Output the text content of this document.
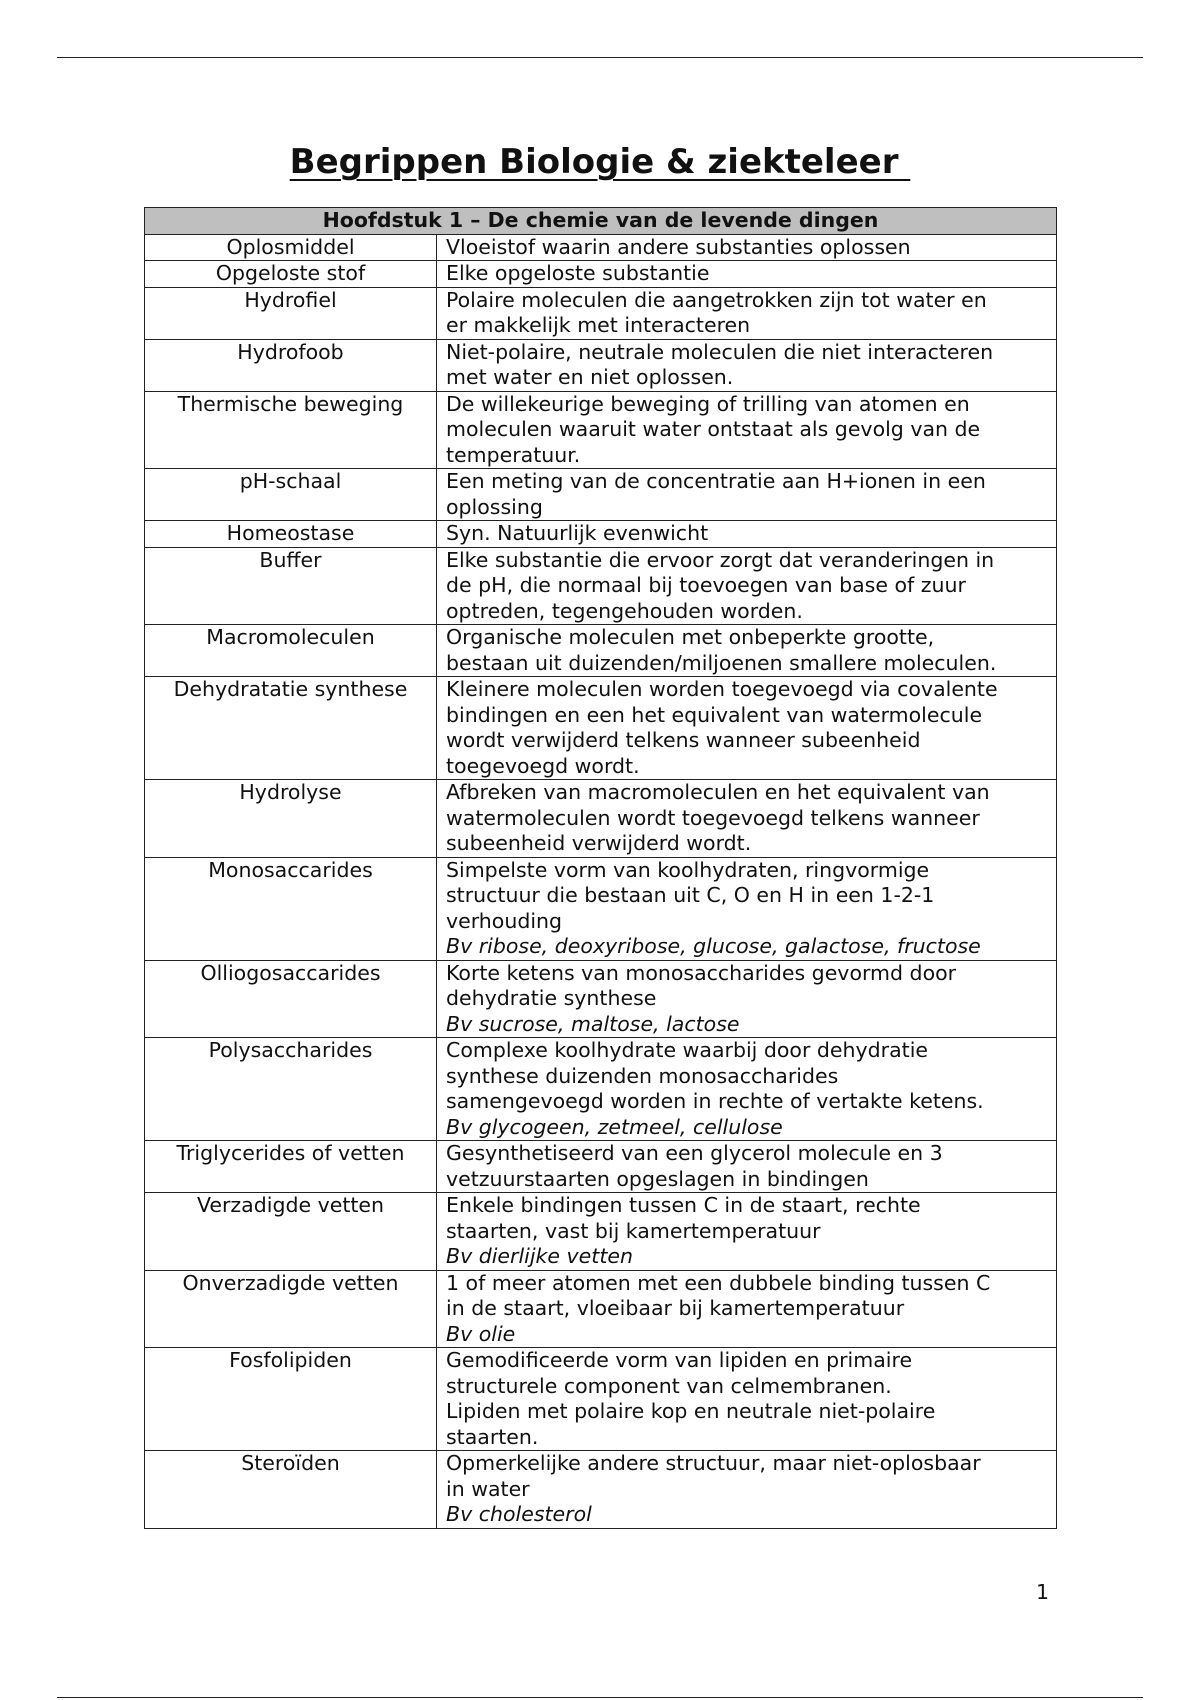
Begrippen Biologie & ziekteleer
Hoofdstuk 1 – De chemie van de levende dingen	
Oplosmiddel	Vloeistof waarin andere substanties oplossen

Opgeloste stof	Elke opgeloste substantie

Hydrofiel	Polaire moleculen die aangetrokken zijn tot water en
er makkelijk met interacteren

Hydrofoob	Niet-polaire, neutrale moleculen die niet interacteren
met water en niet oplossen.

Thermische beweging	De willekeurige beweging of trilling van atomen en
moleculen waaruit water ontstaat als gevolg van de
temperatuur.

pH-schaal	Een meting van de concentratie aan H+ionen in een
oplossing

Homeostase	Syn. Natuurlijk evenwicht

Buffer	Elke substantie die ervoor zorgt dat veranderingen in
de pH, die normaal bij toevoegen van base of zuur
optreden, tegengehouden worden.

Macromoleculen	Organische moleculen met onbeperkte grootte,
bestaan uit duizenden/miljoenen smallere moleculen.

Dehydratatie synthese	Kleinere moleculen worden toegevoegd via covalente
bindingen en een het equivalent van watermolecule
wordt verwijderd telkens wanneer subeenheid
toegevoegd wordt.

Hydrolyse	Afbreken van macromoleculen en het equivalent van
watermoleculen wordt toegevoegd telkens wanneer
subeenheid verwijderd wordt.

Monosaccarides	Simpelste vorm van koolhydraten, ringvormige
structuur die bestaan uit C, O en H in een 1-2-1
verhouding
Bv ribose, deoxyribose, glucose, galactose, fructose

Olliogosaccarides	Korte ketens van monosaccharides gevormd door
dehydratie synthese
Bv sucrose, maltose, lactose

Polysaccharides	Complexe koolhydrate waarbij door dehydratie
synthese duizenden monosaccharides
samengevoegd worden in rechte of vertakte ketens.
Bv glycogeen, zetmeel, cellulose

Triglycerides of vetten	Gesynthetiseerd van een glycerol molecule en 3
vetzuurstaarten opgeslagen in bindingen

Verzadigde vetten	Enkele bindingen tussen C in de staart, rechte
staarten, vast bij kamertemperatuur
Bv dierlijke vetten

Onverzadigde vetten	1 of meer atomen met een dubbele binding tussen C
in de staart, vloeibaar bij kamertemperatuur
Bv olie

Fosfolipiden	Gemodificeerde vorm van lipiden en primaire
structurele component van celmembranen.
Lipiden met polaire kop en neutrale niet-polaire
staarten.

Steroïden	Opmerkelijke andere structuur, maar niet-oplosbaar
in water
Bv cholesterol
1
